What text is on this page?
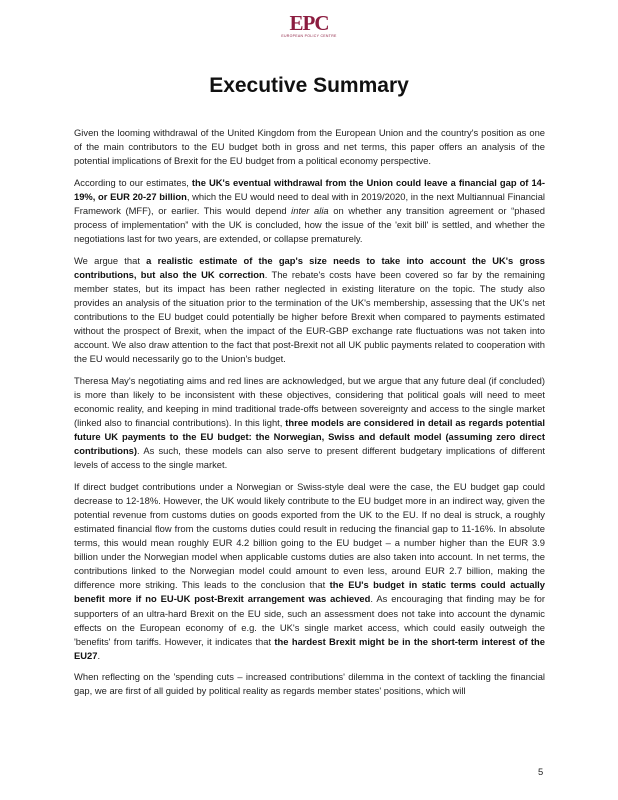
EPC
EUROPEAN POLICY CENTRE
Executive Summary

Given the looming withdrawal of the United Kingdom from the European Union and the country's position as one of the main contributors to the EU budget both in gross and net terms, this paper offers an analysis of the potential implications of Brexit for the EU budget from a political economy perspective.

According to our estimates, the UK's eventual withdrawal from the Union could leave a financial gap of 14-19%, or EUR 20-27 billion, which the EU would need to deal with in 2019/2020, in the next Multiannual Financial Framework (MFF), or earlier. This would depend inter alia on whether any transition agreement or “phased process of implementation” with the UK is concluded, how the issue of the 'exit bill' is settled, and whether the negotiations last for two years, are extended, or collapse prematurely.

We argue that a realistic estimate of the gap's size needs to take into account the UK's gross contributions, but also the UK correction. The rebate's costs have been covered so far by the remaining member states, but its impact has been rather neglected in existing literature on the topic. The study also provides an analysis of the situation prior to the termination of the UK's membership, assessing that the UK's net contributions to the EU budget could potentially be higher before Brexit when compared to payments estimated without the prospect of Brexit, when the impact of the EUR-GBP exchange rate fluctuations was not taken into account. We also draw attention to the fact that post-Brexit not all UK public payments related to cooperation with the EU would necessarily go to the Union's budget.

Theresa May's negotiating aims and red lines are acknowledged, but we argue that any future deal (if concluded) is more than likely to be inconsistent with these objectives, considering that political goals will need to meet economic reality, and keeping in mind traditional trade-offs between sovereignty and access to the single market (linked also to financial contributions). In this light, three models are considered in detail as regards potential future UK payments to the EU budget: the Norwegian, Swiss and default model (assuming zero direct contributions). As such, these models can also serve to present different budgetary implications of different levels of access to the single market.

If direct budget contributions under a Norwegian or Swiss-style deal were the case, the EU budget gap could decrease to 12-18%. However, the UK would likely contribute to the EU budget more in an indirect way, given the potential revenue from customs duties on goods exported from the UK to the EU. If no deal is struck, a roughly estimated financial flow from the customs duties could result in reducing the financial gap to 11-16%. In absolute terms, this would mean roughly EUR 4.2 billion going to the EU budget – a number higher than the EUR 3.9 billion under the Norwegian model when applicable customs duties are also taken into account. In net terms, the contributions linked to the Norwegian model could amount to even less, around EUR 2.7 billion, making the difference more striking. This leads to the conclusion that the EU's budget in static terms could actually benefit more if no EU-UK post-Brexit arrangement was achieved. As encouraging that finding may be for supporters of an ultra-hard Brexit on the EU side, such an assessment does not take into account the dynamic effects on the European economy of e.g. the UK's single market access, which could easily outweigh the 'benefits' from tariffs. However, it indicates that the hardest Brexit might be in the short-term interest of the EU27.

When reflecting on the 'spending cuts – increased contributions' dilemma in the context of tackling the financial gap, we are first of all guided by political reality as regards member states' positions, which will

5
